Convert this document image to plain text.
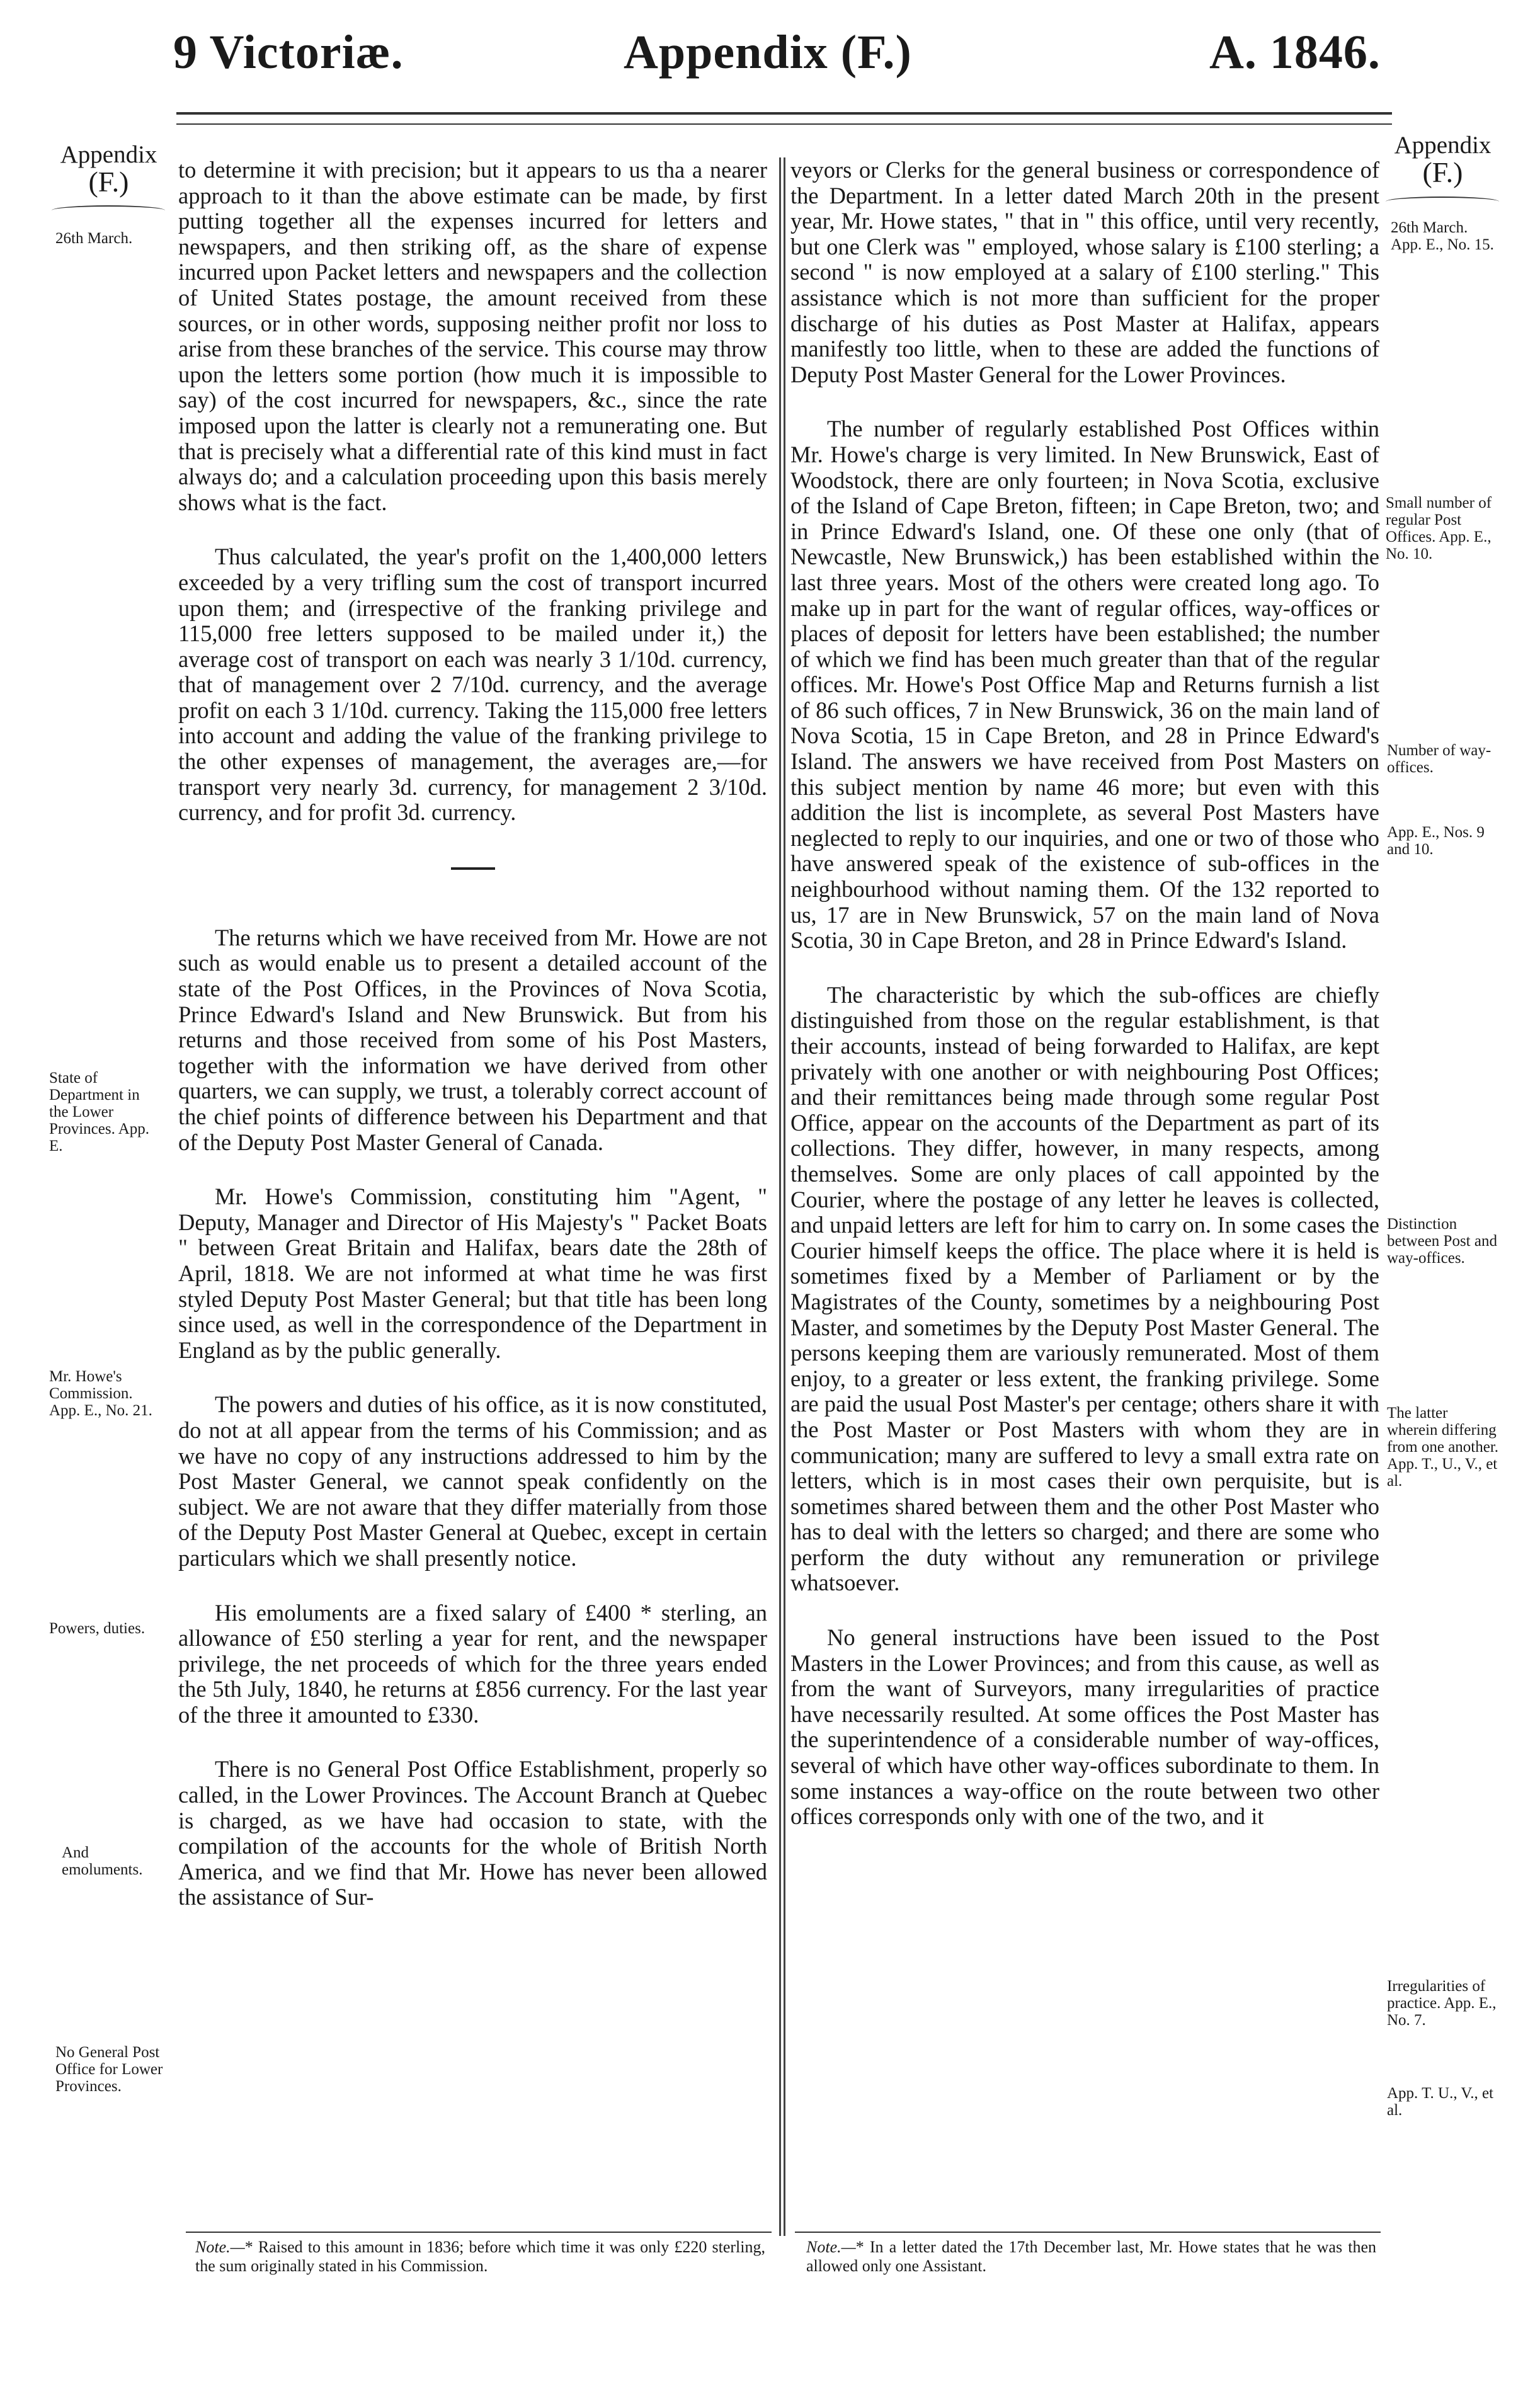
9 Victoriæ.	Appendix (F.)	A. 1846.
Appendix
(F.)
26th March.
State of Department in the Lower Provinces. App. E.
Mr. Howe's Commission. App. E., No. 21.
Powers, duties.
And emoluments.
No General Post Office for Lower Provinces.

to determine it with precision; but it appears to us tha a nearer approach to it than the above estimate can be made, by first putting together all the expenses incurred for letters and newspapers, and then striking off, as the share of expense incurred upon Packet letters and newspapers and the collection of United States postage, the amount received from these sources, or in other words, supposing neither profit nor loss to arise from these branches of the service. This course may throw upon the letters some portion (how much it is impossible to say) of the cost incurred for newspapers, &c., since the rate imposed upon the latter is clearly not a remunerating one. But that is precisely what a differential rate of this kind must in fact always do; and a calculation proceeding upon this basis merely shows what is the fact.

Thus calculated, the year's profit on the 1,400,000 letters exceeded by a very trifling sum the cost of transport incurred upon them; and (irrespective of the franking privilege and 115,000 free letters supposed to be mailed under it,) the average cost of transport on each was nearly 3 1/10d. currency, that of management over 2 7/10d. currency, and the average profit on each 3 1/10d. currency. Taking the 115,000 free letters into account and adding the value of the franking privilege to the other expenses of management, the averages are,—for transport very nearly 3d. currency, for management 2 3/10d. currency, and for profit 3d. currency.

The returns which we have received from Mr. Howe are not such as would enable us to present a detailed account of the state of the Post Offices, in the Provinces of Nova Scotia, Prince Edward's Island and New Brunswick. But from his returns and those received from some of his Post Masters, together with the information we have derived from other quarters, we can supply, we trust, a tolerably correct account of the chief points of difference between his Department and that of the Deputy Post Master General of Canada.

Mr. Howe's Commission, constituting him "Agent, " Deputy, Manager and Director of His Majesty's " Packet Boats " between Great Britain and Halifax, bears date the 28th of April, 1818. We are not informed at what time he was first styled Deputy Post Master General; but that title has been long since used, as well in the correspondence of the Department in England as by the public generally.

The powers and duties of his office, as it is now constituted, do not at all appear from the terms of his Commission; and as we have no copy of any instructions addressed to him by the Post Master General, we cannot speak confidently on the subject. We are not aware that they differ materially from those of the Deputy Post Master General at Quebec, except in certain particulars which we shall presently notice.

His emoluments are a fixed salary of £400 * sterling, an allowance of £50 sterling a year for rent, and the newspaper privilege, the net proceeds of which for the three years ended the 5th July, 1840, he returns at £856 currency. For the last year of the three it amounted to £330.

There is no General Post Office Establishment, properly so called, in the Lower Provinces. The Account Branch at Quebec is charged, as we have had occasion to state, with the compilation of the accounts for the whole of British North America, and we find that Mr. Howe has never been allowed the assistance of Sur-

veyors or Clerks for the general business or correspondence of the Department. In a letter dated March 20th in the present year, Mr. Howe states, " that in " this office, until very recently, but one Clerk was " employed, whose salary is £100 sterling; a second " is now employed at a salary of £100 sterling." This assistance which is not more than sufficient for the proper discharge of his duties as Post Master at Halifax, appears manifestly too little, when to these are added the functions of Deputy Post Master General for the Lower Provinces.

The number of regularly established Post Offices within Mr. Howe's charge is very limited. In New Brunswick, East of Woodstock, there are only fourteen; in Nova Scotia, exclusive of the Island of Cape Breton, fifteen; in Cape Breton, two; and in Prince Edward's Island, one. Of these one only (that of Newcastle, New Brunswick,) has been established within the last three years. Most of the others were created long ago. To make up in part for the want of regular offices, way-offices or places of deposit for letters have been established; the number of which we find has been much greater than that of the regular offices. Mr. Howe's Post Office Map and Returns furnish a list of 86 such offices, 7 in New Brunswick, 36 on the main land of Nova Scotia, 15 in Cape Breton, and 28 in Prince Edward's Island. The answers we have received from Post Masters on this subject mention by name 46 more; but even with this addition the list is incomplete, as several Post Masters have neglected to reply to our inquiries, and one or two of those who have answered speak of the existence of sub-offices in the neighbourhood without naming them. Of the 132 reported to us, 17 are in New Brunswick, 57 on the main land of Nova Scotia, 30 in Cape Breton, and 28 in Prince Edward's Island.

The characteristic by which the sub-offices are chiefly distinguished from those on the regular establishment, is that their accounts, instead of being forwarded to Halifax, are kept privately with one another or with neighbouring Post Offices; and their remittances being made through some regular Post Office, appear on the accounts of the Department as part of its collections. They differ, however, in many respects, among themselves. Some are only places of call appointed by the Courier, where the postage of any letter he leaves is collected, and unpaid letters are left for him to carry on. In some cases the Courier himself keeps the office. The place where it is held is sometimes fixed by a Member of Parliament or by the Magistrates of the County, sometimes by a neighbouring Post Master, and sometimes by the Deputy Post Master General. The persons keeping them are variously remunerated. Most of them enjoy, to a greater or less extent, the franking privilege. Some are paid the usual Post Master's per centage; others share it with the Post Master or Post Masters with whom they are in communication; many are suffered to levy a small extra rate on letters, which is in most cases their own perquisite, but is sometimes shared between them and the other Post Master who has to deal with the letters so charged; and there are some who perform the duty without any remuneration or privilege whatsoever.

No general instructions have been issued to the Post Masters in the Lower Provinces; and from this cause, as well as from the want of Surveyors, many irregularities of practice have necessarily resulted. At some offices the Post Master has the superintendence of a considerable number of way-offices, several of which have other way-offices subordinate to them. In some instances a way-office on the route between two other offices corresponds only with one of the two, and it

Appendix
(F.)
26th March. App. E., No. 15.
Small number of regular Post Offices. App. E., No. 10.
Number of way-offices.
App. E., Nos. 9 and 10.
Distinction between Post and way-offices.
The latter wherein differing from one another. App. T., U., V., et al.
Irregularities of practice. App. E., No. 7.
App. T. U., V., et al.
Note.—* Raised to this amount in 1836; before which time it was only £220 sterling, the sum originally stated in his Commission.
Note.—* In a letter dated the 17th December last, Mr. Howe states that he was then allowed only one Assistant.
